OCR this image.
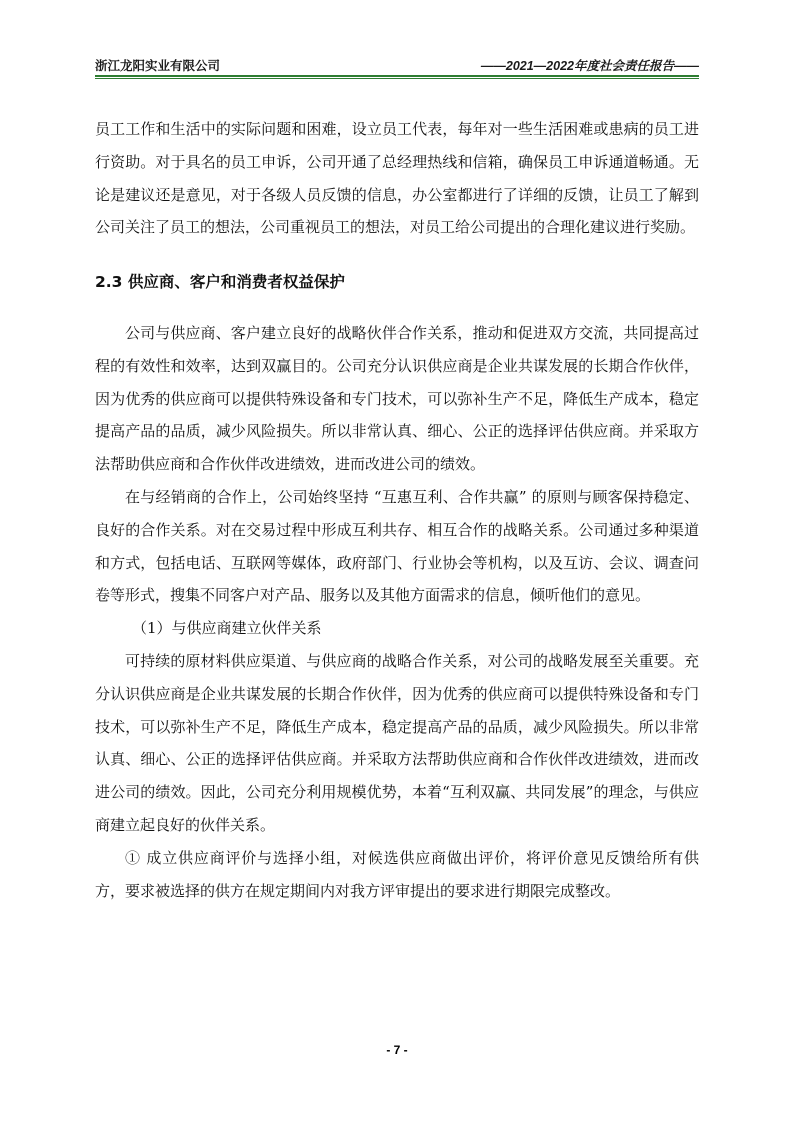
浙江龙阳实业有限公司	——2021—2022年度社会责任报告——

员工工作和生活中的实际问题和困难，设立员工代表，每年对一些生活困难或患病的员工进行资助。对于具名的员工申诉，公司开通了总经理热线和信箱，确保员工申诉通道畅通。无论是建议还是意见，对于各级人员反馈的信息，办公室都进行了详细的反馈，让员工了解到公司关注了员工的想法，公司重视员工的想法，对员工给公司提出的合理化建议进行奖励。

2.3 供应商、客户和消费者权益保护

公司与供应商、客户建立良好的战略伙伴合作关系，推动和促进双方交流，共同提高过程的有效性和效率，达到双赢目的。公司充分认识供应商是企业共谋发展的长期合作伙伴，因为优秀的供应商可以提供特殊设备和专门技术，可以弥补生产不足，降低生产成本，稳定提高产品的品质，减少风险损失。所以非常认真、细心、公正的选择评估供应商。并采取方法帮助供应商和合作伙伴改进绩效，进而改进公司的绩效。

在与经销商的合作上，公司始终坚持 “互惠互利、合作共赢” 的原则与顾客保持稳定、良好的合作关系。对在交易过程中形成互利共存、相互合作的战略关系。公司通过多种渠道和方式，包括电话、互联网等媒体，政府部门、行业协会等机构，以及互访、会议、调查问卷等形式，搜集不同客户对产品、服务以及其他方面需求的信息，倾听他们的意见。

（1）与供应商建立伙伴关系

可持续的原材料供应渠道、与供应商的战略合作关系，对公司的战略发展至关重要。充分认识供应商是企业共谋发展的长期合作伙伴，因为优秀的供应商可以提供特殊设备和专门技术，可以弥补生产不足，降低生产成本，稳定提高产品的品质，减少风险损失。所以非常认真、细心、公正的选择评估供应商。并采取方法帮助供应商和合作伙伴改进绩效，进而改进公司的绩效。因此，公司充分利用规模优势，本着“互利双赢、共同发展”的理念，与供应商建立起良好的伙伴关系。

① 成立供应商评价与选择小组，对候选供应商做出评价，将评价意见反馈给所有供方，要求被选择的供方在规定期间内对我方评审提出的要求进行期限完成整改。

- 7 -
